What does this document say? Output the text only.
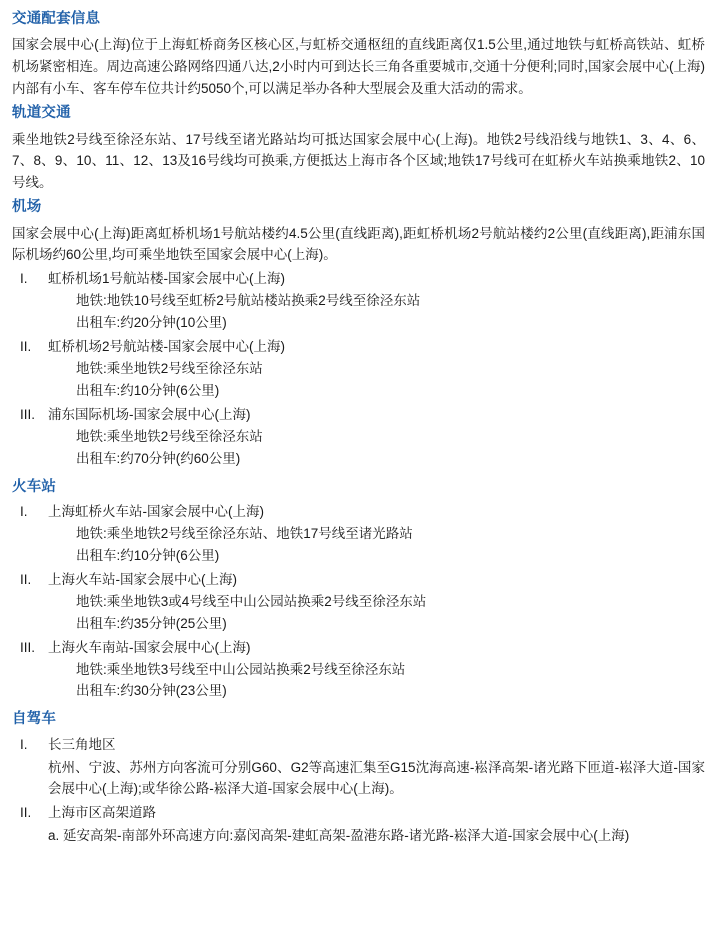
交通配套信息

国家会展中心(上海)位于上海虹桥商务区核心区,与虹桥交通枢纽的直线距离仅1.5公里,通过地铁与虹桥高铁站、虹桥机场紧密相连。周边高速公路网络四通八达,2小时内可到达长三角各重要城市,交通十分便利;同时,国家会展中心(上海)内部有小车、客车停车位共计约5050个,可以满足举办各种大型展会及重大活动的需求。

轨道交通

乘坐地铁2号线至徐泾东站、17号线至诸光路站均可抵达国家会展中心(上海)。地铁2号线沿线与地铁1、3、4、6、7、8、9、10、11、12、13及16号线均可换乘,方便抵达上海市各个区域;地铁17号线可在虹桥火车站换乘地铁2、10号线。

机场

国家会展中心(上海)距离虹桥机场1号航站楼约4.5公里(直线距离),距虹桥机场2号航站楼约2公里(直线距离),距浦东国际机场约60公里,均可乘坐地铁至国家会展中心(上海)。

I.	虹桥机场1号航站楼-国家会展中心(上海)
地铁:地铁10号线至虹桥2号航站楼站换乘2号线至徐泾东站
出租车:约20分钟(10公里)
II.	虹桥机场2号航站楼-国家会展中心(上海)
地铁:乘坐地铁2号线至徐泾东站
出租车:约10分钟(6公里)
III. 浦东国际机场-国家会展中心(上海)
地铁:乘坐地铁2号线至徐泾东站
出租车:约70分钟(约60公里)
火车站
I.	上海虹桥火车站-国家会展中心(上海)
地铁:乘坐地铁2号线至徐泾东站、地铁17号线至诸光路站
出租车:约10分钟(6公里)
II.	上海火车站-国家会展中心(上海)
地铁:乘坐地铁3或4号线至中山公园站换乘2号线至徐泾东站
出租车:约35分钟(25公里)
III. 上海火车南站-国家会展中心(上海)
地铁:乘坐地铁3号线至中山公园站换乘2号线至徐泾东站
出租车:约30分钟(23公里)
自驾车
I.	长三角地区
杭州、宁波、苏州方向客流可分别G60、G2等高速汇集至G15沈海高速-崧泽高架-诸光路下匝道-崧泽大道-国家会展中心(上海);或华徐公路-崧泽大道-国家会展中心(上海)。
II.	上海市区高架道路
a. 延安高架-南部外环高速方向:嘉闵高架-建虹高架-盈港东路-诸光路-崧泽大道-国家会展中心(上海)
